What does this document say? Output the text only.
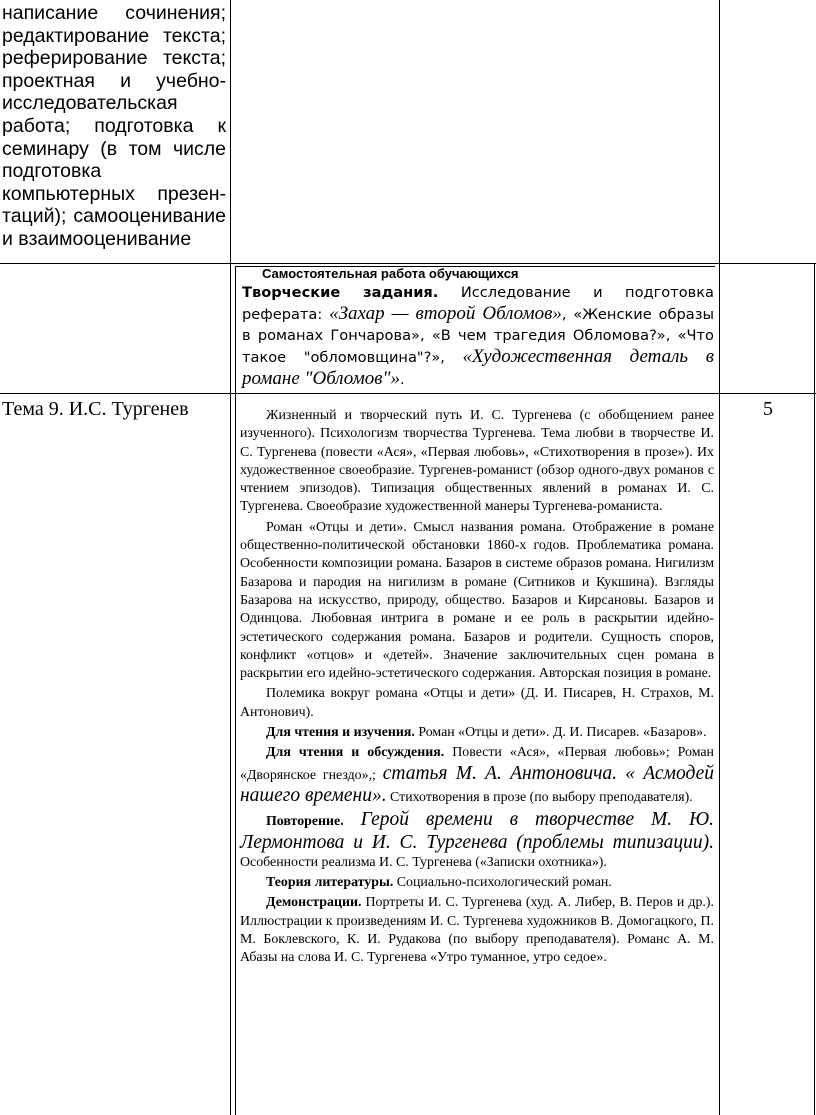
написание сочинения; редактирование текста; реферирование текста; проектная и учебно-исследовательская работа; подготовка к семинару (в том числе подготовка компьютерных презен-таций); самооценивание и взаимооценивание
Самостоятельная работа обучающихся
Творческие задания. Исследование и подготовка реферата: «Захар — второй Обломов», «Женские образы в романах Гончарова», «В чем трагедия Обломова?», «Что такое "обломовщина"?», «Художественная деталь в романе "Обломов"».
Тема 9. И.С. Тургенев	5

Жизненный и творческий путь И. С. Тургенева (с обобщением ранее изученного). Психологизм творчества Тургенева. Тема любви в творчестве И. С. Тургенева (повести «Ася», «Первая любовь», «Стихотворения в прозе»). Их художественное своеобразие. Тургенев-романист (обзор одного-двух романов с чтением эпизодов). Типизация общественных явлений в романах И. С. Тургенева. Своеобразие художественной манеры Тургенева-романиста.

Роман «Отцы и дети». Смысл названия романа. Отображение в романе общественно-политической обстановки 1860-х годов. Проблематика романа. Особенности композиции романа. Базаров в системе образов романа. Нигилизм Базарова и пародия на нигилизм в романе (Ситников и Кукшина). Взгляды Базарова на искусство, природу, общество. Базаров и Кирсановы. Базаров и Одинцова. Любовная интрига в романе и ее роль в раскрытии идейно-эстетического содержания романа. Базаров и родители. Сущность споров, конфликт «отцов» и «детей». Значение заключительных сцен романа в раскрытии его идейно-эстетического содержания. Авторская позиция в романе.

Полемика вокруг романа «Отцы и дети» (Д. И. Писарев, Н. Страхов, М. Антонович).

Для чтения и изучения. Роман «Отцы и дети». Д. И. Писарев. «Базаров».

Для чтения и обсуждения. Повести «Ася», «Первая любовь»; Роман «Дворянское гнездо»,; статья М. А. Антоновича. « Асмодей нашего времени». Стихотворения в прозе (по выбору преподавателя).

Повторение. Герой времени в творчестве М. Ю. Лермонтова и И. С. Тургенева (проблемы типизации). Особенности реализма И. С. Тургенева («Записки охотника»).

Теория литературы. Социально-психологический роман.

Демонстрации. Портреты И. С. Тургенева (худ. А. Либер, В. Перов и др.). Иллюстрации к произведениям И. С. Тургенева художников В. Домогацкого, П. М. Боклевского, К. И. Рудакова (по выбору преподавателя). Романс А. М. Абазы на слова И. С. Тургенева «Утро туманное, утро седое».
